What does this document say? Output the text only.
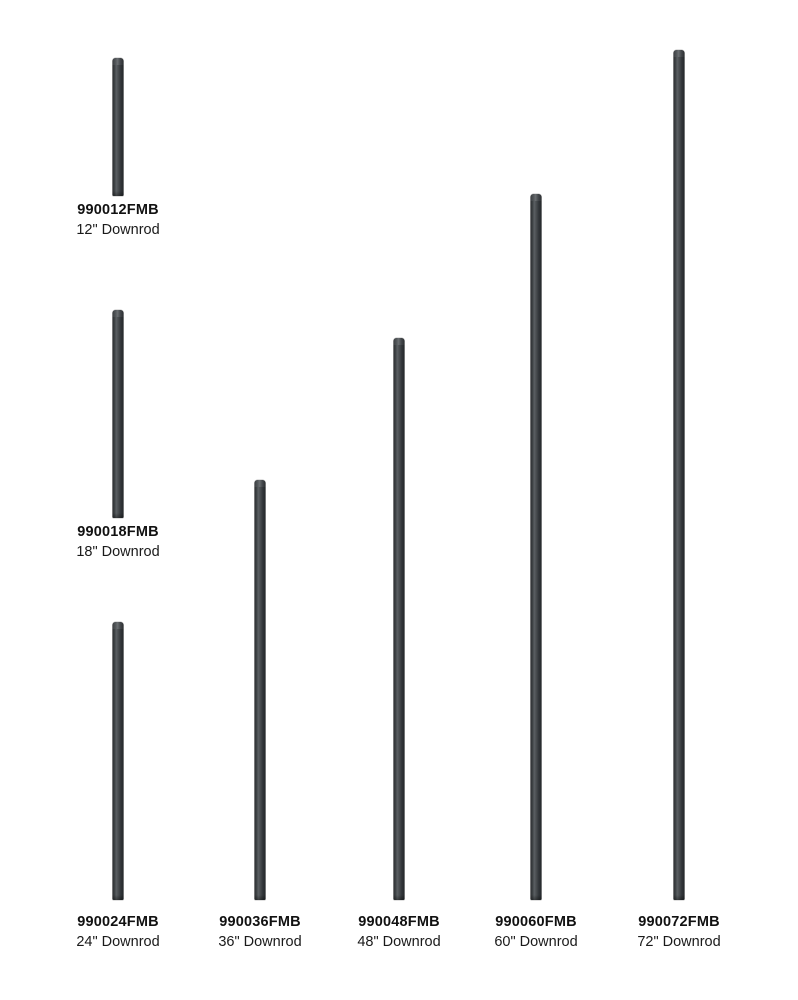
990012FMB
12" Downrod
990018FMB
18" Downrod
990024FMB
24" Downrod
990036FMB
36" Downrod
990048FMB
48" Downrod
990060FMB
60" Downrod
990072FMB
72" Downrod
